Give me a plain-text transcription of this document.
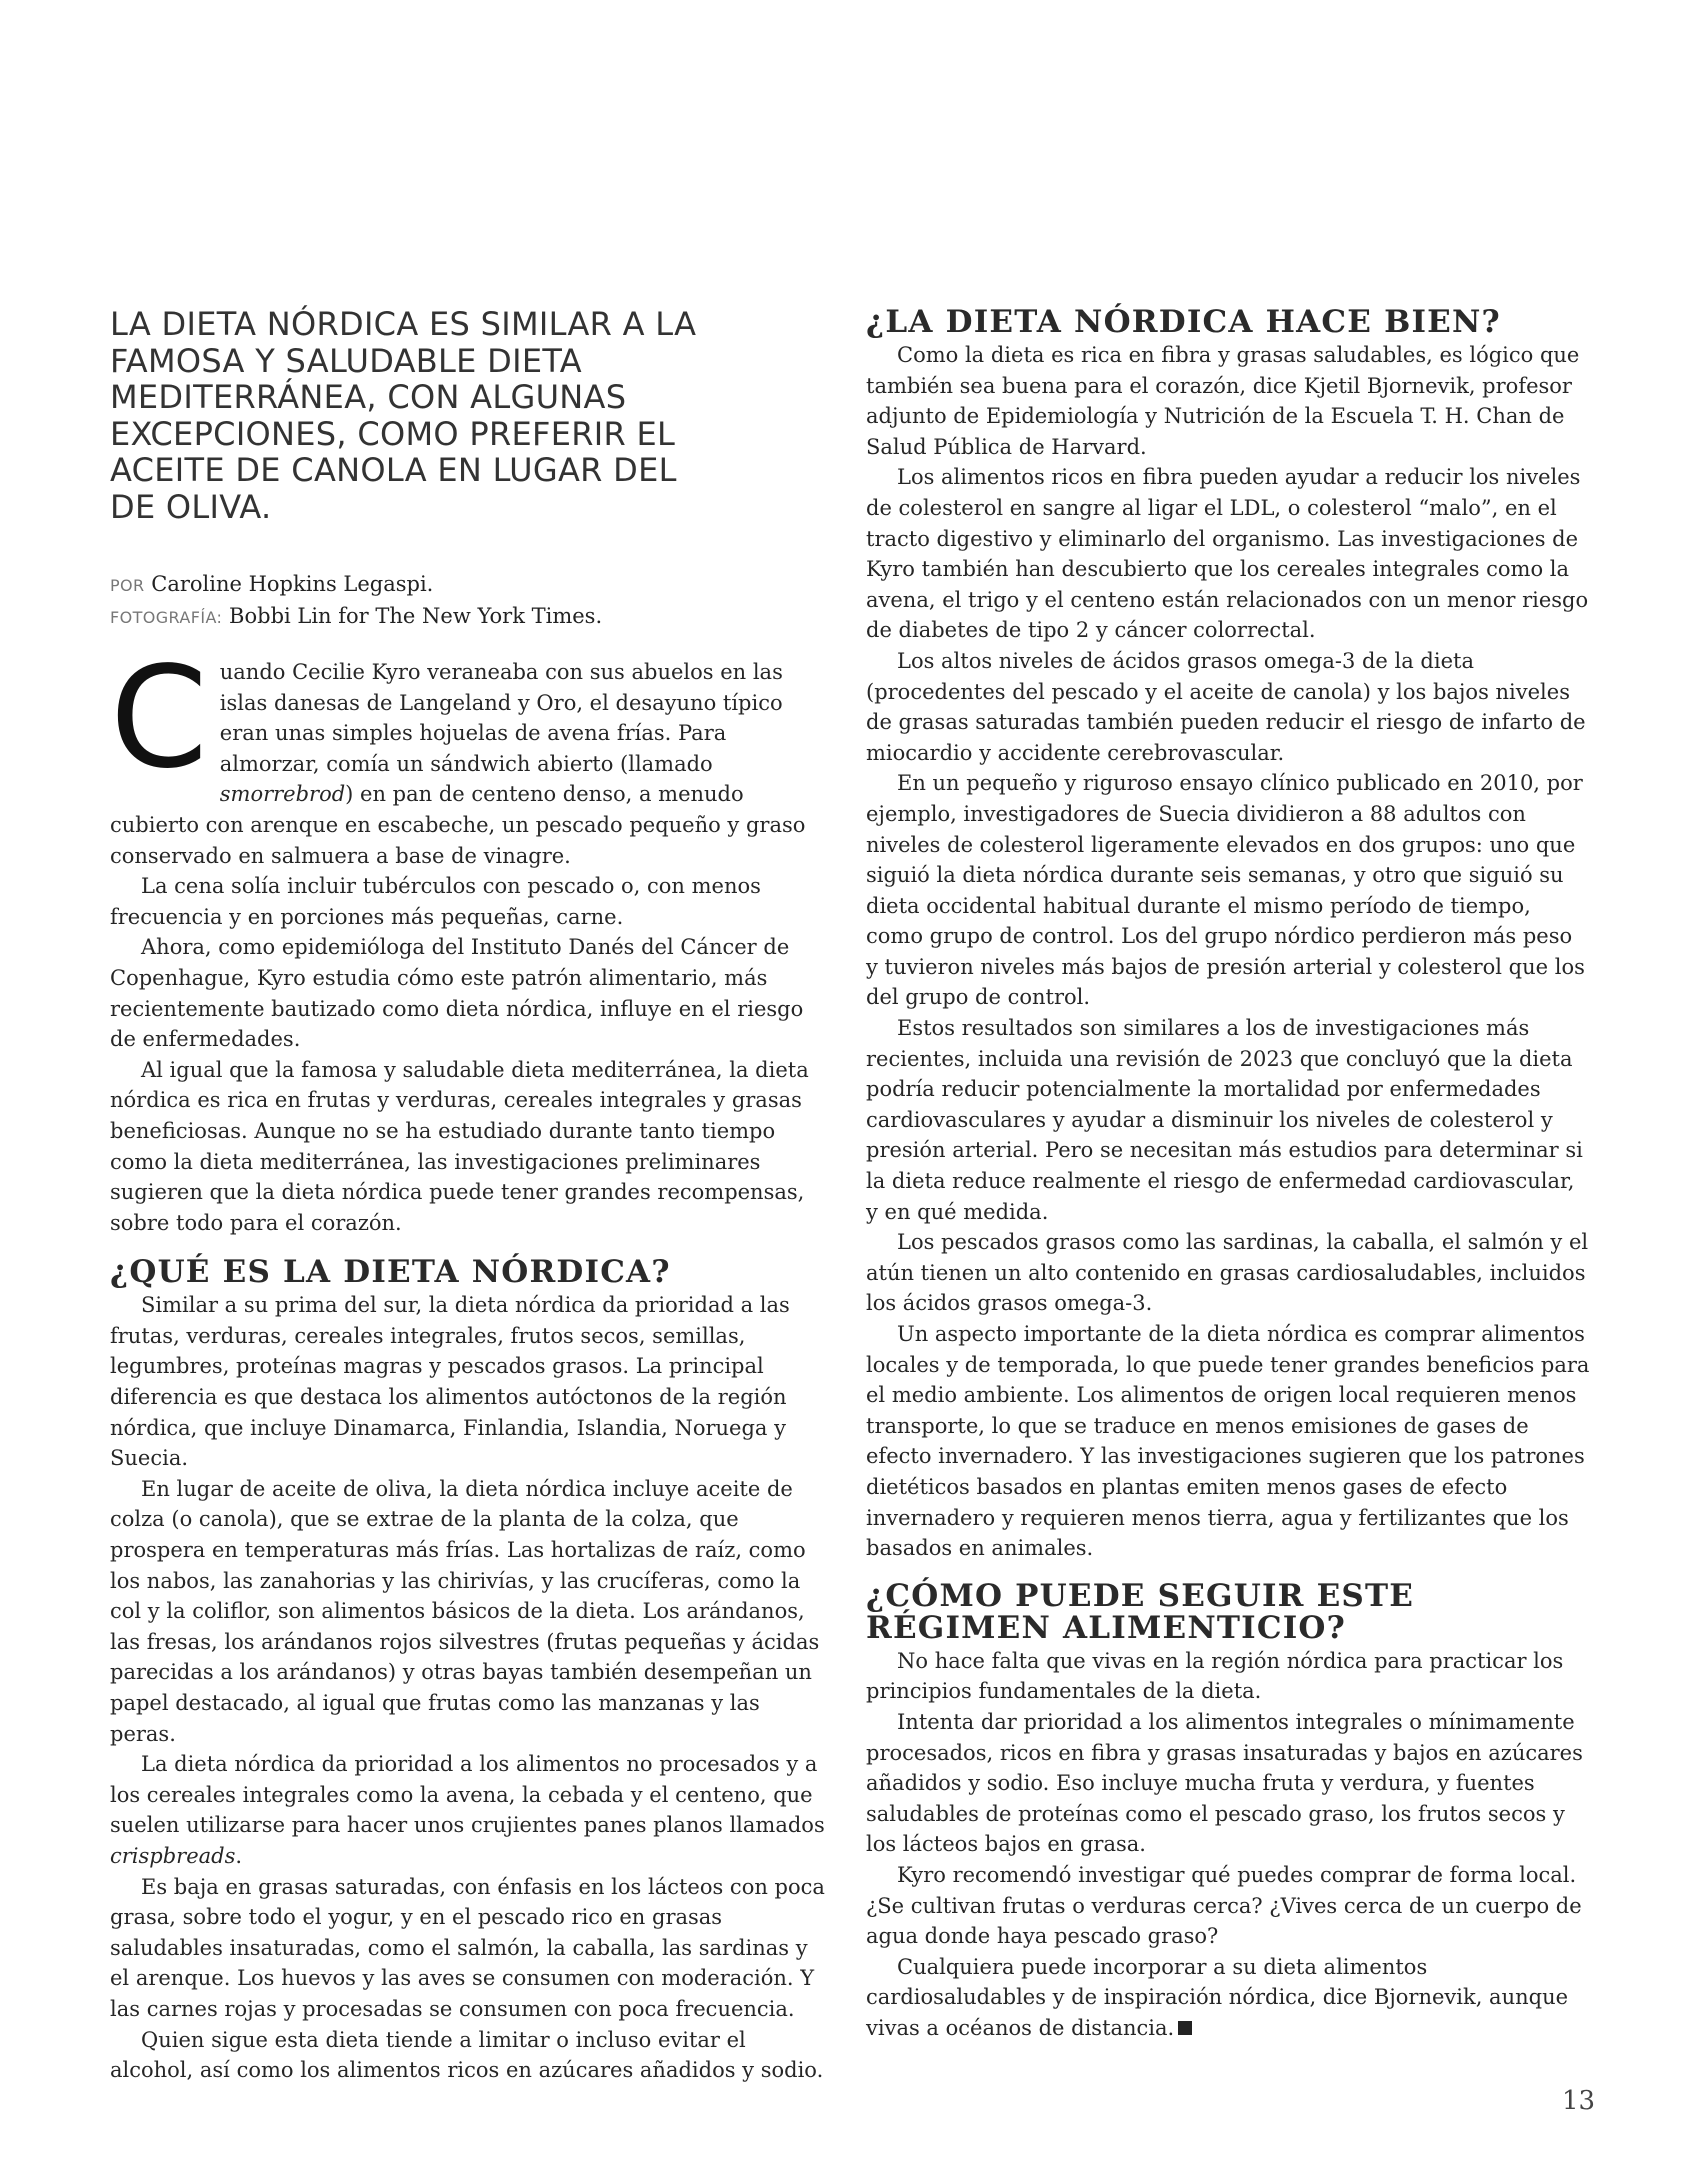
LA DIETA NÓRDICA ES SIMILAR A LA FAMOSA Y SALUDABLE DIETA MEDITERRÁNEA, CON ALGUNAS EXCEPCIONES, COMO PREFERIR EL ACEITE DE CANOLA EN LUGAR DEL DE OLIVA.
POR Caroline Hopkins Legaspi.
FOTOGRAFÍA: Bobbi Lin for The New York Times.

Cuando Cecilie Kyro veraneaba con sus abuelos en las islas danesas de Langeland y Oro, el desayuno típico eran unas simples hojuelas de avena frías. Para almorzar, comía un sándwich abierto (llamado smorrebrod) en pan de centeno denso, a menudo cubierto con arenque en escabeche, un pescado pequeño y graso conservado en salmuera a base de vinagre.

La cena solía incluir tubérculos con pescado o, con menos frecuencia y en porciones más pequeñas, carne.

Ahora, como epidemióloga del Instituto Danés del Cáncer de Copenhague, Kyro estudia cómo este patrón alimentario, más recientemente bautizado como dieta nórdica, influye en el riesgo de enfermedades.

Al igual que la famosa y saludable dieta mediterránea, la dieta nórdica es rica en frutas y verduras, cereales integrales y grasas beneficiosas. Aunque no se ha estudiado durante tanto tiempo como la dieta mediterránea, las investigaciones preliminares sugieren que la dieta nórdica puede tener grandes recompensas, sobre todo para el corazón.

¿QUÉ ES LA DIETA NÓRDICA?

Similar a su prima del sur, la dieta nórdica da prioridad a las frutas, verduras, cereales integrales, frutos secos, semillas, legumbres, proteínas magras y pescados grasos. La principal diferencia es que destaca los alimentos autóctonos de la región nórdica, que incluye Dinamarca, Finlandia, Islandia, Noruega y Suecia.

En lugar de aceite de oliva, la dieta nórdica incluye aceite de colza (o canola), que se extrae de la planta de la colza, que prospera en temperaturas más frías. Las hortalizas de raíz, como los nabos, las zanahorias y las chirivías, y las crucíferas, como la col y la coliflor, son alimentos básicos de la dieta. Los arándanos, las fresas, los arándanos rojos silvestres (frutas pequeñas y ácidas parecidas a los arándanos) y otras bayas también desempeñan un papel destacado, al igual que frutas como las manzanas y las peras.

La dieta nórdica da prioridad a los alimentos no procesados y a los cereales integrales como la avena, la cebada y el centeno, que suelen utilizarse para hacer unos crujientes panes planos llamados crispbreads.

Es baja en grasas saturadas, con énfasis en los lácteos con poca grasa, sobre todo el yogur, y en el pescado rico en grasas saludables insaturadas, como el salmón, la caballa, las sardinas y el arenque. Los huevos y las aves se consumen con moderación. Y las carnes rojas y procesadas se consumen con poca frecuencia.

Quien sigue esta dieta tiende a limitar o incluso evitar el alcohol, así como los alimentos ricos en azúcares añadidos y sodio.

¿LA DIETA NÓRDICA HACE BIEN?

Como la dieta es rica en fibra y grasas saludables, es lógico que también sea buena para el corazón, dice Kjetil Bjornevik, profesor adjunto de Epidemiología y Nutrición de la Escuela T. H. Chan de Salud Pública de Harvard.

Los alimentos ricos en fibra pueden ayudar a reducir los niveles de colesterol en sangre al ligar el LDL, o colesterol “malo”, en el tracto digestivo y eliminarlo del organismo. Las investigaciones de Kyro también han descubierto que los cereales integrales como la avena, el trigo y el centeno están relacionados con un menor riesgo de diabetes de tipo 2 y cáncer colorrectal.

Los altos niveles de ácidos grasos omega-3 de la dieta (procedentes del pescado y el aceite de canola) y los bajos niveles de grasas saturadas también pueden reducir el riesgo de infarto de miocardio y accidente cerebrovascular.

En un pequeño y riguroso ensayo clínico publicado en 2010, por ejemplo, investigadores de Suecia dividieron a 88 adultos con niveles de colesterol ligeramente elevados en dos grupos: uno que siguió la dieta nórdica durante seis semanas, y otro que siguió su dieta occidental habitual durante el mismo período de tiempo, como grupo de control. Los del grupo nórdico perdieron más peso y tuvieron niveles más bajos de presión arterial y colesterol que los del grupo de control.

Estos resultados son similares a los de investigaciones más recientes, incluida una revisión de 2023 que concluyó que la dieta podría reducir potencialmente la mortalidad por enfermedades cardiovasculares y ayudar a disminuir los niveles de colesterol y presión arterial. Pero se necesitan más estudios para determinar si la dieta reduce realmente el riesgo de enfermedad cardiovascular, y en qué medida.

Los pescados grasos como las sardinas, la caballa, el salmón y el atún tienen un alto contenido en grasas cardiosaludables, incluidos los ácidos grasos omega-3.

Un aspecto importante de la dieta nórdica es comprar alimentos locales y de temporada, lo que puede tener grandes beneficios para el medio ambiente. Los alimentos de origen local requieren menos transporte, lo que se traduce en menos emisiones de gases de efecto invernadero. Y las investigaciones sugieren que los patrones dietéticos basados en plantas emiten menos gases de efecto invernadero y requieren menos tierra, agua y fertilizantes que los basados en animales.

¿CÓMO PUEDE SEGUIR ESTE RÉGIMEN ALIMENTICIO?

No hace falta que vivas en la región nórdica para practicar los principios fundamentales de la dieta.

Intenta dar prioridad a los alimentos integrales o mínimamente procesados, ricos en fibra y grasas insaturadas y bajos en azúcares añadidos y sodio. Eso incluye mucha fruta y verdura, y fuentes saludables de proteínas como el pescado graso, los frutos secos y los lácteos bajos en grasa.

Kyro recomendó investigar qué puedes comprar de forma local. ¿Se cultivan frutas o verduras cerca? ¿Vives cerca de un cuerpo de agua donde haya pescado graso?

Cualquiera puede incorporar a su dieta alimentos cardiosaludables y de inspiración nórdica, dice Bjornevik, aunque vivas a océanos de distancia.

13
